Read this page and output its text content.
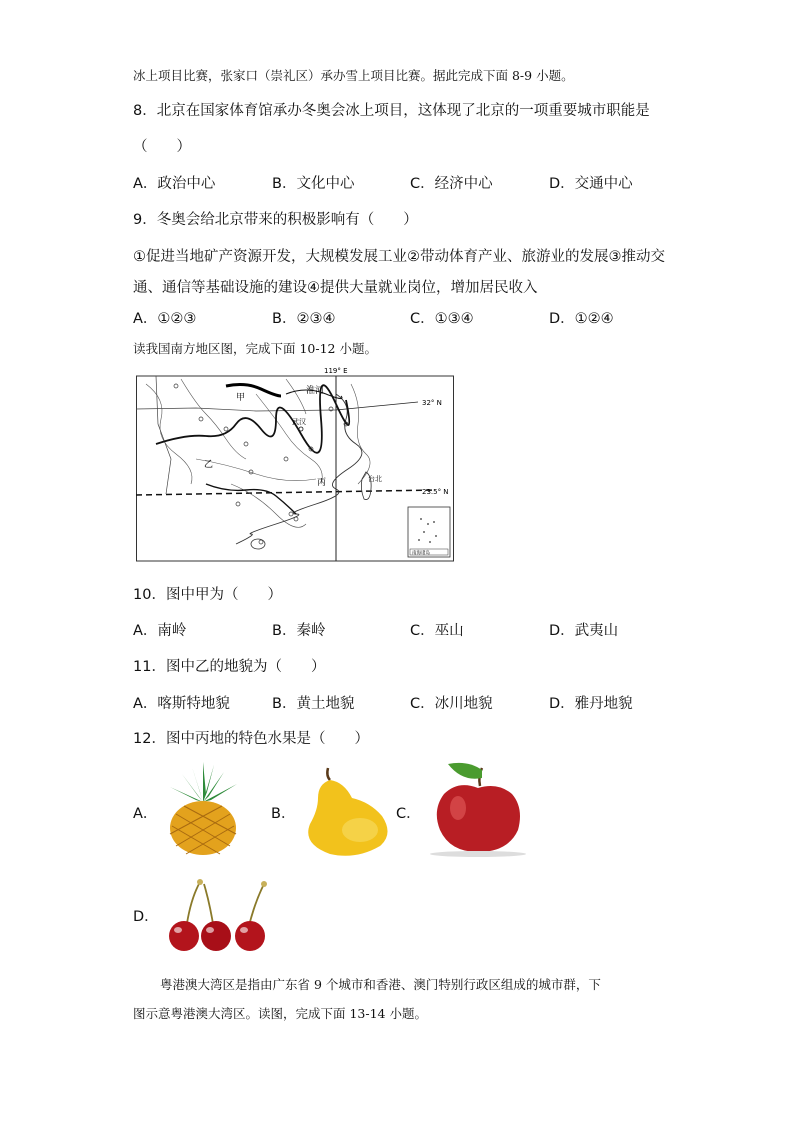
冰上项目比赛，张家口（崇礼区）承办雪上项目比赛。据此完成下面 8-9 小题。
8．北京在国家体育馆承办冬奥会冰上项目，这体现了北京的一项重要城市职能是
（　　）
A．政治中心	B．文化中心	C．经济中心	D．交通中心
9．冬奥会给北京带来的积极影响有（　　）
①促进当地矿产资源开发，大规模发展工业②带动体育产业、旅游业的发展③推动交
通、通信等基础设施的建设④提供大量就业岗位，增加居民收入
A．①②③	B．②③④	C．①③④	D．①②④
读我国南方地区图，完成下面 10-12 小题。
119° E
32° N
23.5° N
甲
淮河
武汉
乙
丙	台北
南海诸岛
10．图中甲为（　　）
A．南岭	B．秦岭	C．巫山	D．武夷山
11．图中乙的地貌为（　　）
A．喀斯特地貌	B．黄土地貌	C．冰川地貌	D．雅丹地貌
12．图中丙地的特色水果是（　　）
A．	B．	C．
D．
粤港澳大湾区是指由广东省 9 个城市和香港、澳门特别行政区组成的城市群，下
图示意粤港澳大湾区。读图，完成下面 13-14 小题。
